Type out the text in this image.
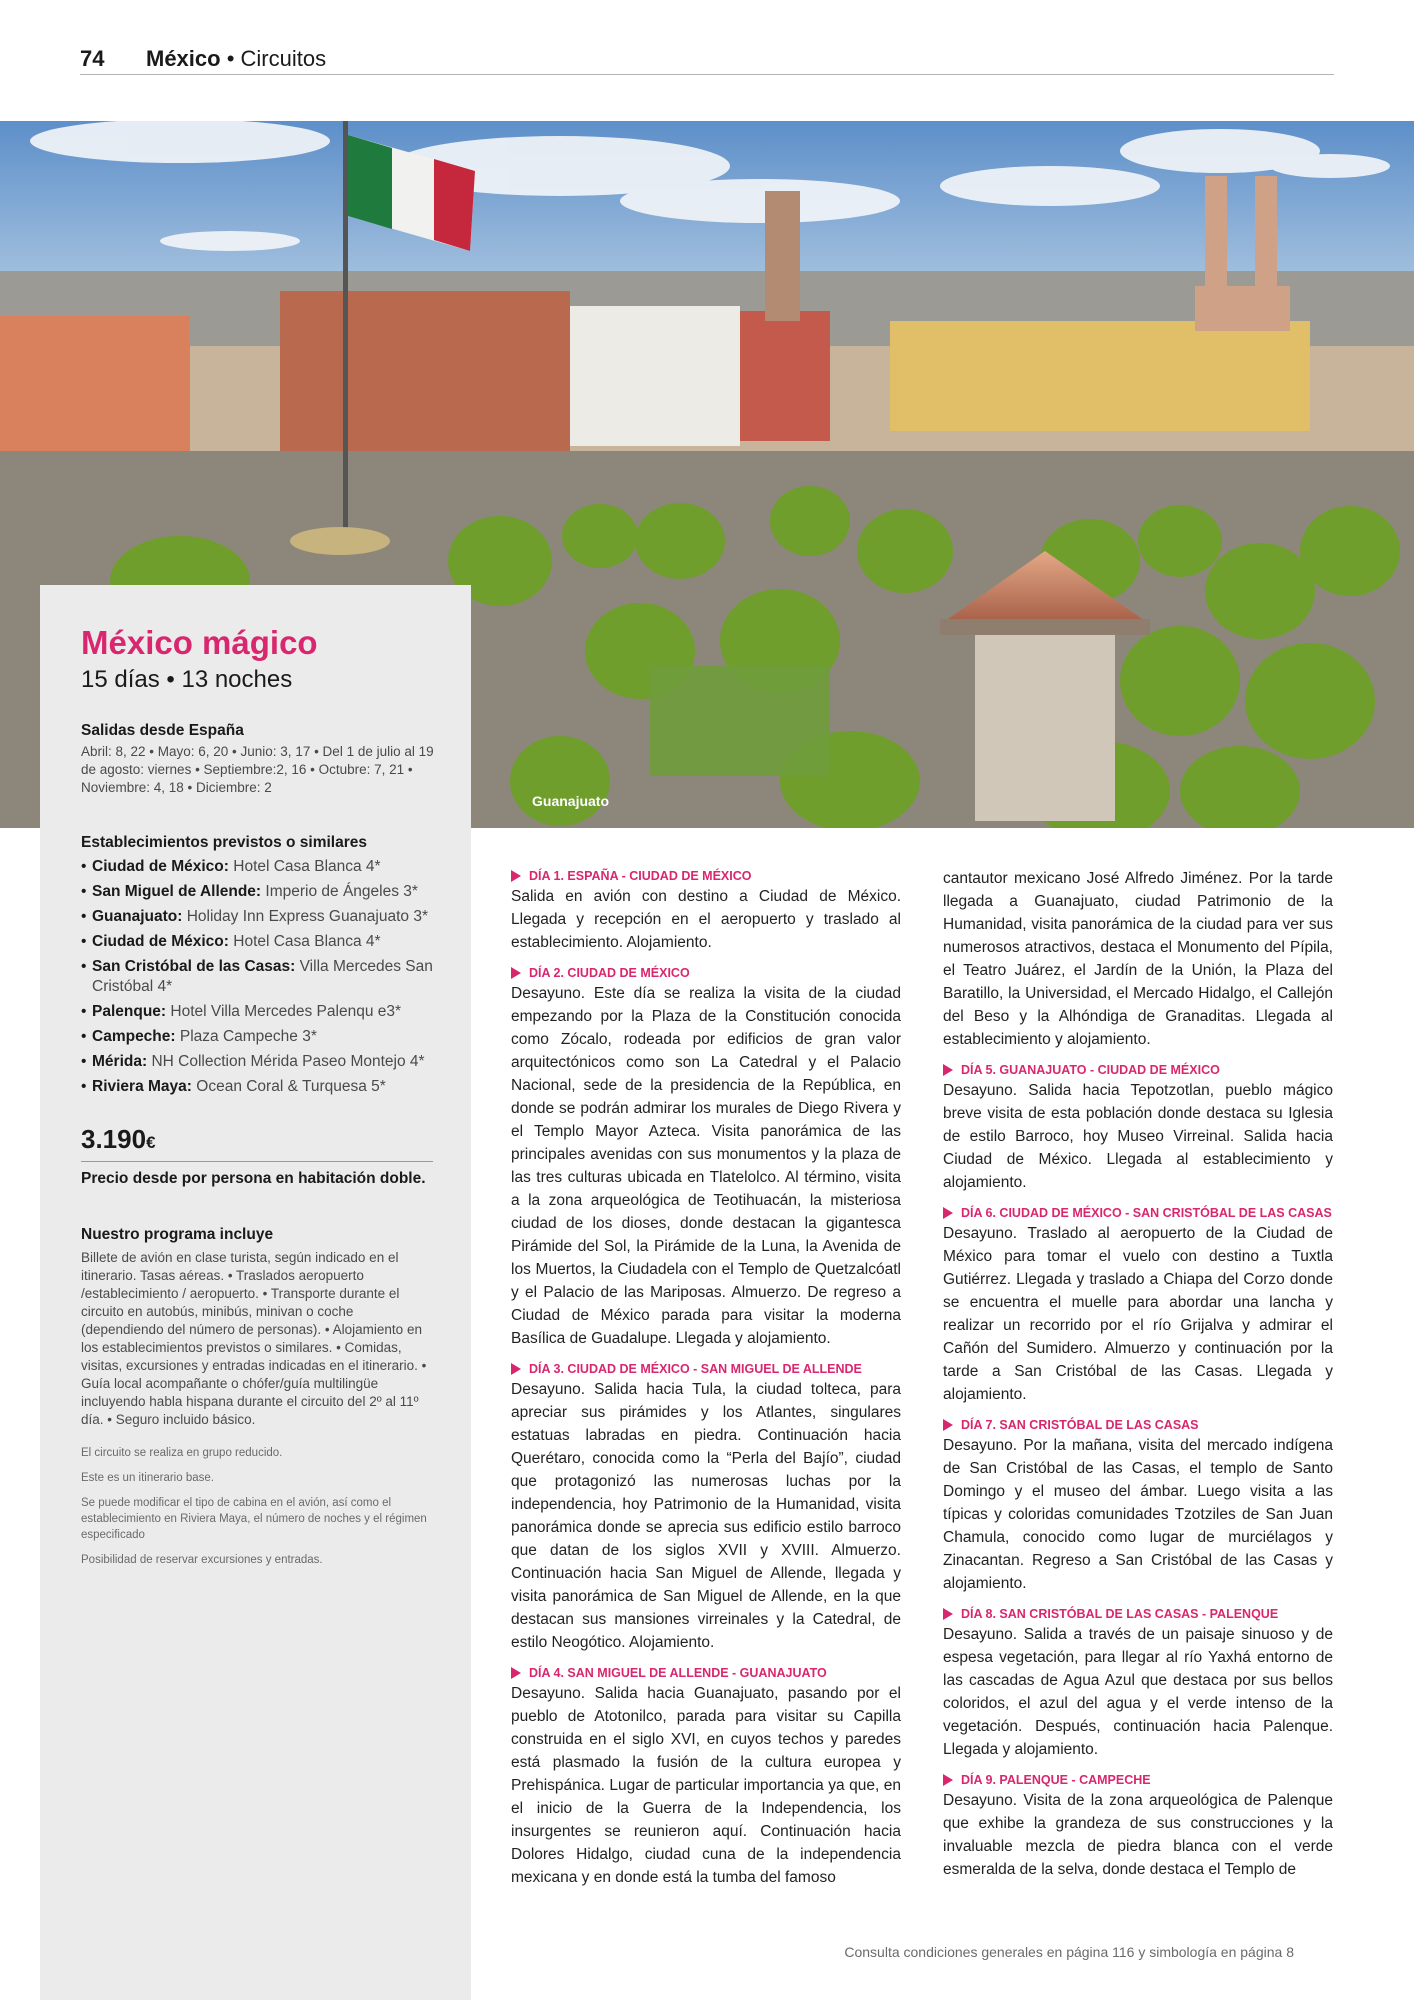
74 México • Circuitos
Guanajuato
México mágico
15 días • 13 noches
Salidas desde España
Abril: 8, 22 • Mayo: 6, 20 • Junio: 3, 17 • Del 1 de julio al 19 de agosto: viernes • Septiembre:2, 16 • Octubre: 7, 21 • Noviembre: 4, 18 • Diciembre: 2
Establecimientos previstos o similares
• Ciudad de México: Hotel Casa Blanca 4*
• San Miguel de Allende: Imperio de Ángeles 3*
• Guanajuato: Holiday Inn Express Guanajuato 3*
• Ciudad de México: Hotel Casa Blanca 4*
• San Cristóbal de las Casas: Villa Mercedes San Cristóbal 4*
• Palenque: Hotel Villa Mercedes Palenqu e3*
• Campeche: Plaza Campeche 3*
• Mérida: NH Collection Mérida Paseo Montejo 4*
• Riviera Maya: Ocean Coral & Turquesa 5*
3.190€
Precio desde por persona en habitación doble.
Nuestro programa incluye
Billete de avión en clase turista, según indicado en el itinerario. Tasas aéreas. • Traslados aeropuerto /establecimiento / aeropuerto. • Transporte durante el circuito en autobús, minibús, minivan o coche (dependiendo del número de personas). • Alojamiento en los establecimientos previstos o similares. • Comidas, visitas, excursiones y entradas indicadas en el itinerario. • Guía local acompañante o chófer/guía multilingüe incluyendo habla hispana durante el circuito del 2º al 11º día. • Seguro incluido básico.
El circuito se realiza en grupo reducido.
Este es un itinerario base.
Se puede modificar el tipo de cabina en el avión, así como el establecimiento en Riviera Maya, el número de noches y el régimen especificado
Posibilidad de reservar excursiones y entradas.
DÍA 1. ESPAÑA - CIUDAD DE MÉXICO

Salida en avión con destino a Ciudad de México. Llegada y recepción en el aeropuerto y traslado al establecimiento. Alojamiento.

DÍA 2. CIUDAD DE MÉXICO

Desayuno. Este día se realiza la visita de la ciudad empezando por la Plaza de la Constitución conocida como Zócalo, rodeada por edificios de gran valor arquitectónicos como son La Catedral y el Palacio Nacional, sede de la presidencia de la República, en donde se podrán admirar los murales de Diego Rivera y el Templo Mayor Azteca. Visita panorámica de las principales avenidas con sus monumentos y la plaza de las tres culturas ubicada en Tlatelolco. Al término, visita a la zona arqueológica de Teotihuacán, la misteriosa ciudad de los dioses, donde destacan la gigantesca Pirámide del Sol, la Pirámide de la Luna, la Avenida de los Muertos, la Ciudadela con el Templo de Quetzalcóatl y el Palacio de las Mariposas. Almuerzo. De regreso a Ciudad de México parada para visitar la moderna Basílica de Guadalupe. Llegada y alojamiento.

DÍA 3. CIUDAD DE MÉXICO - SAN MIGUEL DE ALLENDE

Desayuno. Salida hacia Tula, la ciudad tolteca, para apreciar sus pirámides y los Atlantes, singulares estatuas labradas en piedra. Continuación hacia Querétaro, conocida como la “Perla del Bajío”, ciudad que protagonizó las numerosas luchas por la independencia, hoy Patrimonio de la Humanidad, visita panorámica donde se aprecia sus edificio estilo barroco que datan de los siglos XVII y XVIII. Almuerzo. Continuación hacia San Miguel de Allende, llegada y visita panorámica de San Miguel de Allende, en la que destacan sus mansiones virreinales y la Catedral, de estilo Neogótico. Alojamiento.

DÍA 4. SAN MIGUEL DE ALLENDE - GUANAJUATO

Desayuno. Salida hacia Guanajuato, pasando por el pueblo de Atotonilco, parada para visitar su Capilla construida en el siglo XVI, en cuyos techos y paredes está plasmado la fusión de la cultura europea y Prehispánica. Lugar de particular importancia ya que, en el inicio de la Guerra de la Independencia, los insurgentes se reunieron aquí. Continuación hacia Dolores Hidalgo, ciudad cuna de la independencia mexicana y en donde está la tumba del famoso

cantautor mexicano José Alfredo Jiménez. Por la tarde llegada a Guanajuato, ciudad Patrimonio de la Humanidad, visita panorámica de la ciudad para ver sus numerosos atractivos, destaca el Monumento del Pípila, el Teatro Juárez, el Jardín de la Unión, la Plaza del Baratillo, la Universidad, el Mercado Hidalgo, el Callejón del Beso y la Alhóndiga de Granaditas. Llegada al establecimiento y alojamiento.

DÍA 5. GUANAJUATO - CIUDAD DE MÉXICO

Desayuno. Salida hacia Tepotzotlan, pueblo mágico breve visita de esta población donde destaca su Iglesia de estilo Barroco, hoy Museo Virreinal. Salida hacia Ciudad de México. Llegada al establecimiento y alojamiento.

DÍA 6. CIUDAD DE MÉXICO - SAN CRISTÓBAL DE LAS CASAS

Desayuno. Traslado al aeropuerto de la Ciudad de México para tomar el vuelo con destino a Tuxtla Gutiérrez. Llegada y traslado a Chiapa del Corzo donde se encuentra el muelle para abordar una lancha y realizar un recorrido por el río Grijalva y admirar el Cañón del Sumidero. Almuerzo y continuación por la tarde a San Cristóbal de las Casas. Llegada y alojamiento.

DÍA 7. SAN CRISTÓBAL DE LAS CASAS

Desayuno. Por la mañana, visita del mercado indígena de San Cristóbal de las Casas, el templo de Santo Domingo y el museo del ámbar. Luego visita a las típicas y coloridas comunidades Tzotziles de San Juan Chamula, conocido como lugar de murciélagos y Zinacantan. Regreso a San Cristóbal de las Casas y alojamiento.

DÍA 8. SAN CRISTÓBAL DE LAS CASAS - PALENQUE

Desayuno. Salida a través de un paisaje sinuoso y de espesa vegetación, para llegar al río Yaxhá entorno de las cascadas de Agua Azul que destaca por sus bellos coloridos, el azul del agua y el verde intenso de la vegetación. Después, continuación hacia Palenque. Llegada y alojamiento.

DÍA 9. PALENQUE - CAMPECHE

Desayuno. Visita de la zona arqueológica de Palenque que exhibe la grandeza de sus construcciones y la invaluable mezcla de piedra blanca con el verde esmeralda de la selva, donde destaca el Templo de

Consulta condiciones generales en página 116 y simbología en página 8
